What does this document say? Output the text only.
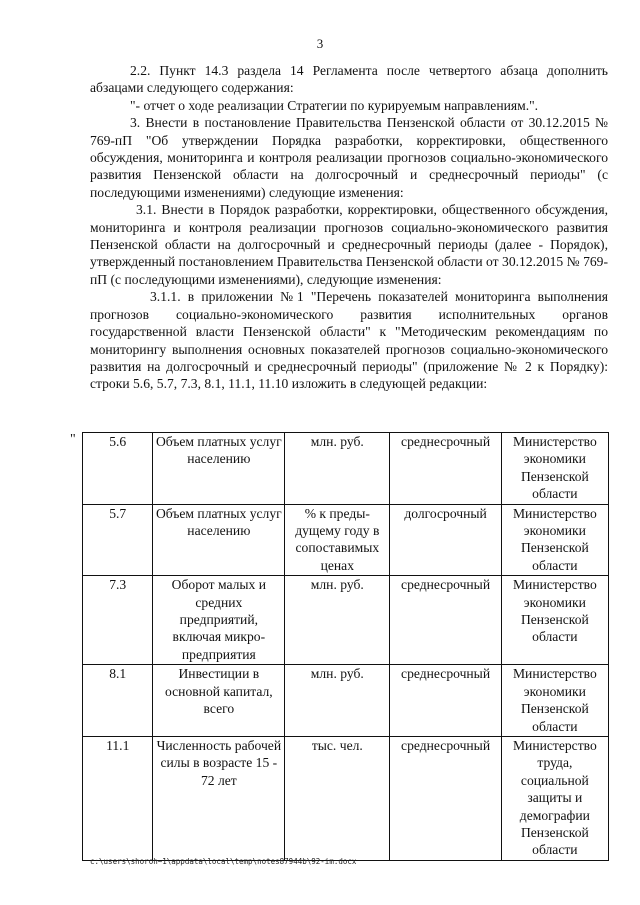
3

2.2. Пункт 14.3 раздела 14 Регламента после четвертого абзаца дополнить абзацами следующего содержания:

"- отчет о ходе реализации Стратегии по курируемым направлениям.".

3. Внести в постановление Правительства Пензенской области от 30.12.2015 № 769-пП "Об утверждении Порядка разработки, корректировки, общественного обсуждения, мониторинга и контроля реализации прогнозов социально-экономического развития Пензенской области на долгосрочный и среднесрочный периоды" (с последующими изменениями) следующие изменения:

3.1. Внести в Порядок разработки, корректировки, общественного обсуждения, мониторинга и контроля реализации прогнозов социально-экономического развития Пензенской области на долгосрочный и среднесрочный периоды (далее - Порядок), утвержденный постановлением Правительства Пензенской области от 30.12.2015 № 769-пП (с последующими изменениями), следующие изменения:

3.1.1. в приложении №1 "Перечень показателей мониторинга выполнения прогнозов социально-экономического развития исполнительных органов государственной власти Пензенской области" к "Методическим рекомендациям по мониторингу выполнения основных показателей прогнозов социально-экономического развития на долгосрочный и среднесрочный периоды" (приложение № 2 к Порядку): строки 5.6, 5.7, 7.3, 8.1, 11.1, 11.10 изложить в следующей редакции:

" 5.6	Объем платных услуг населению	млн. руб.	среднесрочный	Министерство экономики Пензенской области
5.7	Объем платных услуг населению	% к преды-дущему году в сопоставимых ценах	долгосрочный	Министерство экономики Пензенской области
7.3	Оборот малых и средних предприятий, включая микро-предприятия	млн. руб.	среднесрочный	Министерство экономики Пензенской области
8.1	Инвестиции в основной капитал, всего	млн. руб.	среднесрочный	Министерство экономики Пензенской области
11.1	Численность рабочей силы в возрасте 15 - 72 лет	тыс. чел.	среднесрочный	Министерство труда, социальной защиты и демографии Пензенской области
c:\users\shoroh~1\appdata\local\temp\notes87944b\92-im.docx
